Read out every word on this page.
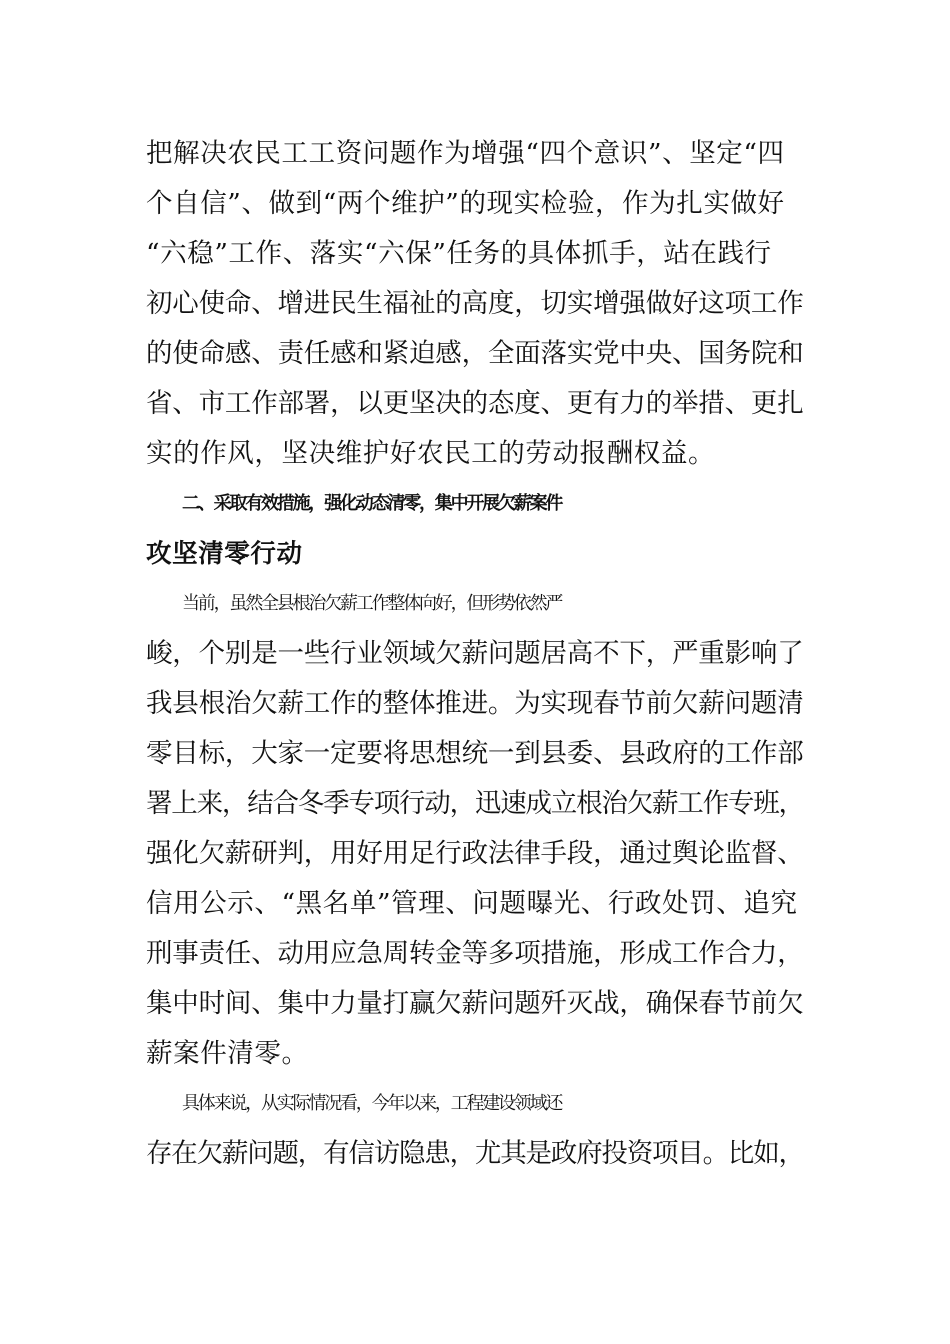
把解决农民工工资问题作为增强“四个意识”、坚定“四
个自信”、做到“两个维护”的现实检验，作为扎实做好
“六稳”工作、落实“六保”任务的具体抓手，站在践行
初心使命、增进民生福祉的高度，切实增强做好这项工作
的使命感、责任感和紧迫感，全面落实党中央、国务院和
省、市工作部署，以更坚决的态度、更有力的举措、更扎
实的作风，坚决维护好农民工的劳动报酬权益。
二、采取有效措施，强化动态清零，集中开展欠薪案件
攻坚清零行动
当前，虽然全县根治欠薪工作整体向好，但形势依然严
峻，个别是一些行业领域欠薪问题居高不下，严重影响了
我县根治欠薪工作的整体推进。为实现春节前欠薪问题清
零目标，大家一定要将思想统一到县委、县政府的工作部
署上来，结合冬季专项行动，迅速成立根治欠薪工作专班，
强化欠薪研判，用好用足行政法律手段，通过舆论监督、
信用公示、“黑名单”管理、问题曝光、行政处罚、追究
刑事责任、动用应急周转金等多项措施，形成工作合力，
集中时间、集中力量打赢欠薪问题歼灭战，确保春节前欠
薪案件清零。
具体来说，从实际情况看，今年以来，工程建设领域还
存在欠薪问题，有信访隐患，尤其是政府投资项目。比如，
